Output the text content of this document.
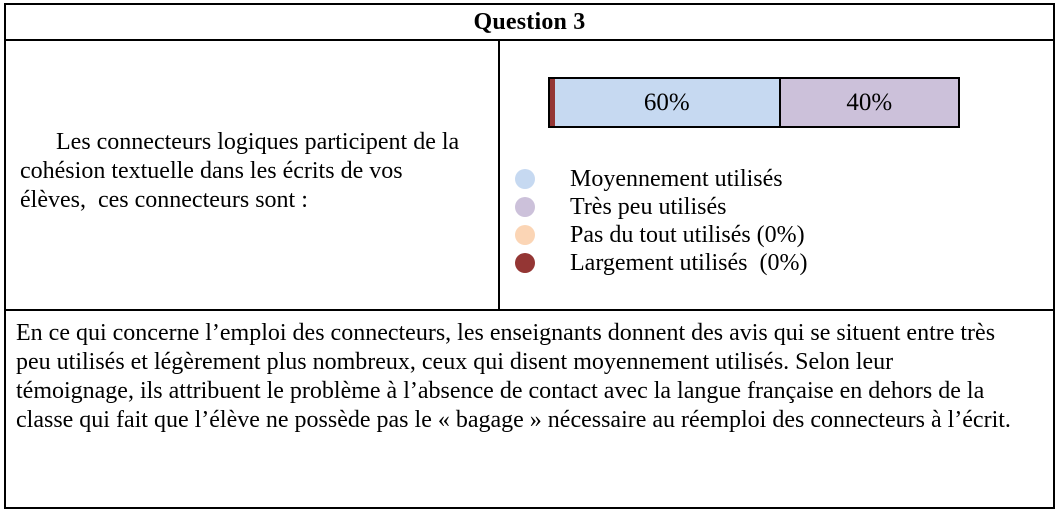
Question 3

Les connecteurs logiques participent de la cohésion textuelle dans les écrits de vos élèves,  ces connecteurs sont :

60%	40%
Moyennement utilisés
Très peu utilisés
Pas du tout utilisés (0%)
Largement utilisés  (0%)
En ce qui concerne l’emploi des connecteurs, les enseignants donnent des avis qui se situent entre très peu utilisés et légèrement plus nombreux, ceux qui disent moyennement utilisés. Selon leur témoignage, ils attribuent le problème à l’absence de contact avec la langue française en dehors de la classe qui fait que l’élève ne possède pas le « bagage » nécessaire au réemploi des connecteurs à l’écrit.
